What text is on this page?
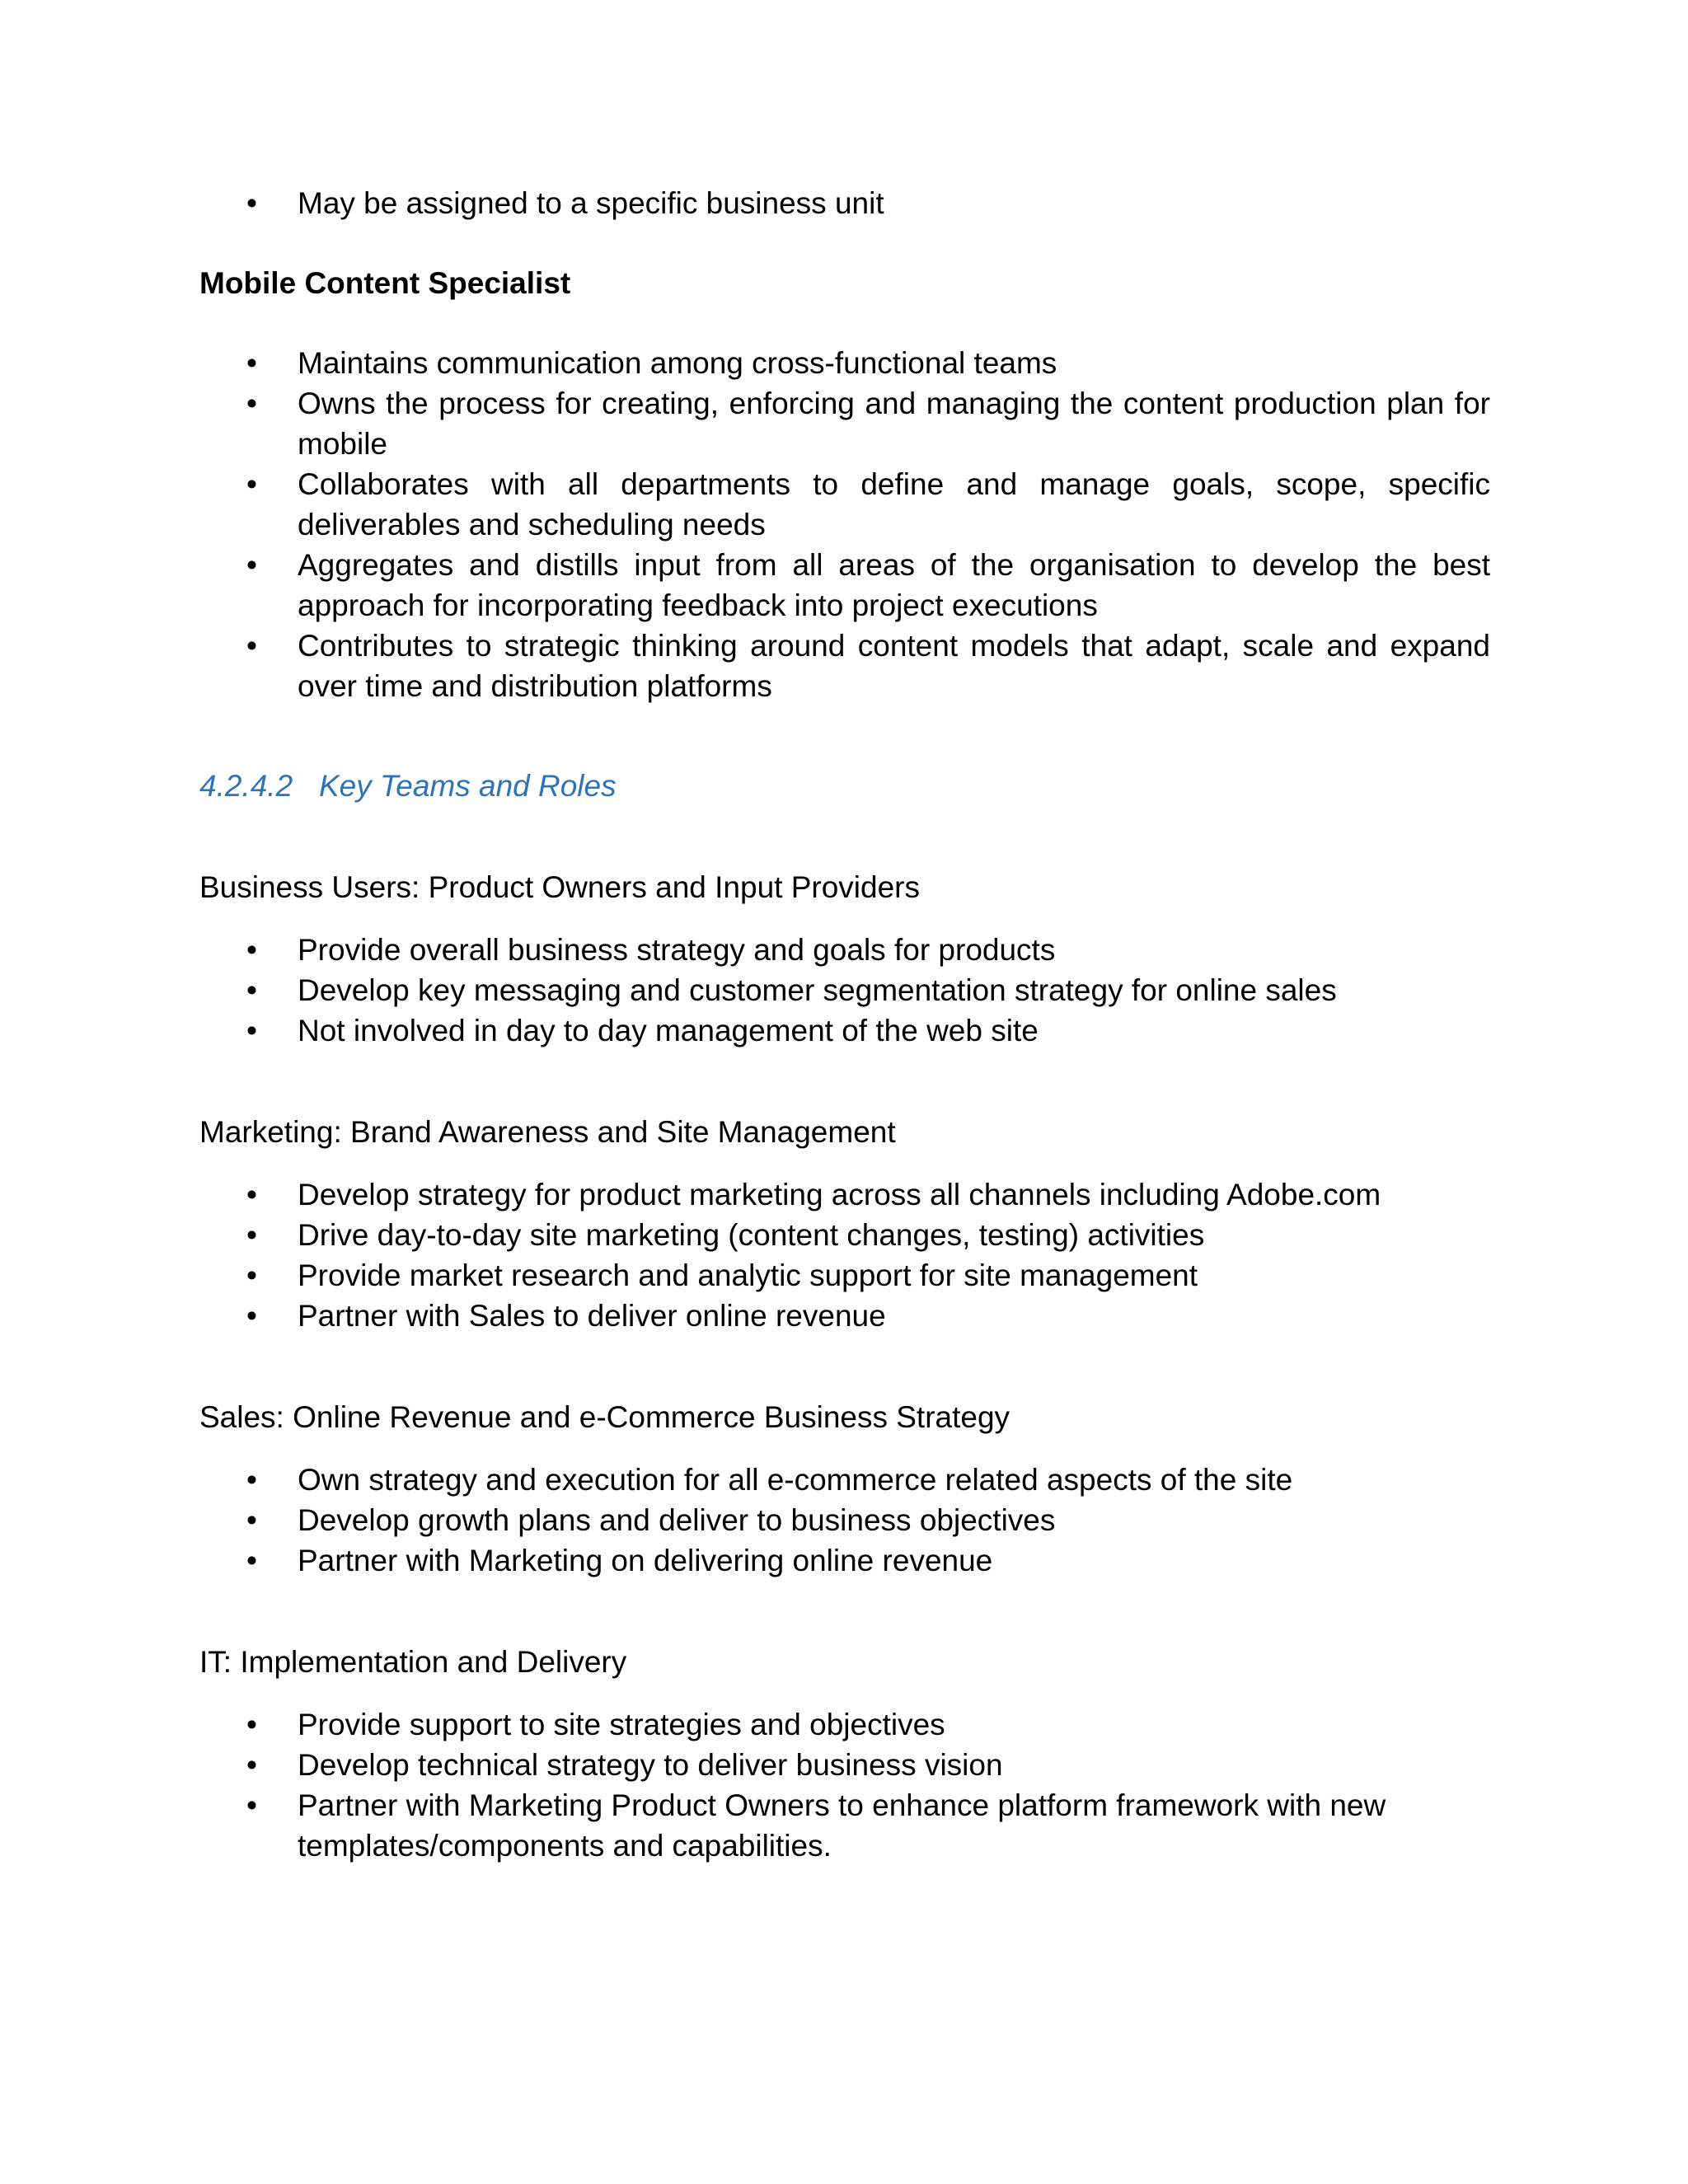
• May be assigned to a specific business unit
Mobile Content Specialist
• Maintains communication among cross-functional teams
• Owns the process for creating, enforcing and managing the content production plan for mobile
• Collaborates with all departments to define and manage goals, scope, specific deliverables and scheduling needs
• Aggregates and distills input from all areas of the organisation to develop the best approach for incorporating feedback into project executions
• Contributes to strategic thinking around content models that adapt, scale and expand over time and distribution platforms
4.2.4.2 Key Teams and Roles
Business Users: Product Owners and Input Providers
• Provide overall business strategy and goals for products
• Develop key messaging and customer segmentation strategy for online sales
• Not involved in day to day management of the web site
Marketing: Brand Awareness and Site Management
• Develop strategy for product marketing across all channels including Adobe.com
• Drive day-to-day site marketing (content changes, testing) activities
• Provide market research and analytic support for site management
• Partner with Sales to deliver online revenue
Sales: Online Revenue and e-Commerce Business Strategy
• Own strategy and execution for all e-commerce related aspects of the site
• Develop growth plans and deliver to business objectives
• Partner with Marketing on delivering online revenue
IT: Implementation and Delivery
• Provide support to site strategies and objectives
• Develop technical strategy to deliver business vision
• Partner with Marketing Product Owners to enhance platform framework with new templates/components and capabilities.
